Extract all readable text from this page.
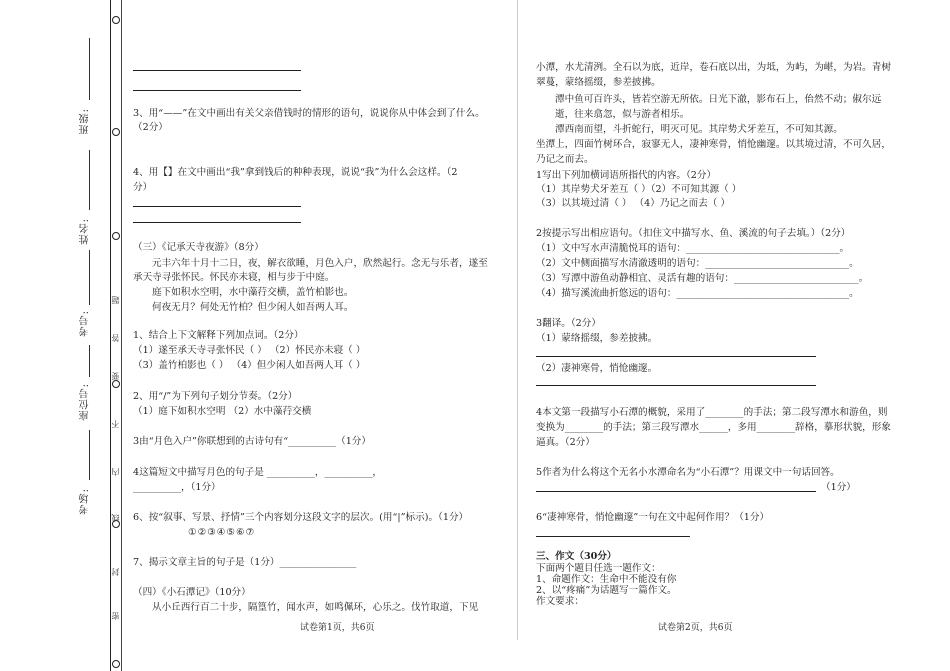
班级:
姓名:
考号:
座位号:
考场:
题
答
要
不
内
线
封
密
3、用“——”在文中画出有关父亲借钱时的情形的语句，说说你从中体会到了什么。
（2分）
4、用【】在文中画出“我”拿到钱后的种种表现，说说“我”为什么会这样。（2
分）
（三）《记承天寺夜游》（8分）
元丰六年十月十二日，夜，解衣欲睡，月色入户，欣然起行。念无与乐者，遂至
承天寺寻张怀民。怀民亦未寝，相与步于中庭。
庭下如积水空明，水中藻荇交横，盖竹柏影也。
何夜无月？何处无竹柏？但少闲人如吾两人耳。
1、结合上下文解释下列加点词。（2分）
（1）遂至承天寺寻张怀民（ ） （2）怀民亦未寝（ ）
（3）盖竹柏影也（ ） （4）但少闲人如吾两人耳（ ）
2、用“/”为下列句子划分节奏。（2分）
（1）庭下如积水空明 （2）水中藻荇交横
3由“月色入户”你联想到的古诗句有“__________（1分）
4这篇短文中描写月色的句子是 __________，__________，
__________，（1分）
6、按“叙事、写景、抒情”三个内容划分这段文字的层次。(用“|”标示)。（1分）
①②③④⑤⑥⑦
7、揭示文章主旨的句子是（1分）________________
（四）《小石潭记》（10分）
从小丘西行百二十步，隔篁竹，闻水声，如鸣佩环，心乐之。伐竹取道，下见
试卷第1页，共6页
小潭，水尤清洌。全石以为底，近岸，卷石底以出，为坻，为屿，为嵁，为岩。青树
翠蔓，蒙络摇缀，参差披拂。
潭中鱼可百许头，皆若空游无所依。日光下澈，影布石上，佁然不动；俶尔远
逝，往来翕忽，似与游者相乐。
潭西南而望，斗折蛇行，明灭可见。其岸势犬牙差互，不可知其源。
坐潭上，四面竹树环合，寂寥无人，凄神寒骨，悄怆幽邃。以其境过清，不可久居，
乃记之而去。
1写出下列加横词语所指代的内容。（2分）
（1）其岸势犬牙差互（ ）（2）不可知其源（ ）
（3）以其境过清（ ） （4）乃记之而去（ ）
2按提示写出相应语句。（扣住文中描写水、鱼、溪流的句子去填。）（2分）
（1）文中写水声清脆悦耳的语句：________________________________。
（2）文中侧面描写水清澈透明的语句：______________________________。
（3）写潭中游鱼动静相宜、灵活有趣的语句：__________________________。
（4）描写溪流曲折悠远的语句：____________________________________。
3翻译。（2分）
（1）蒙络摇缀，参差披拂。
（2）凄神寒骨，悄怆幽邃。
4本文第一段描写小石潭的概貌，采用了________的手法；第二段写潭水和游鱼，则
变换为________的手法；第三段写潭水______，多用________辞格，摹形状貌，形象
逼真。（2分）
5作者为什么将这个无名小水潭命名为“小石潭”？用课文中一句话回答。
（1分）
6“凄神寒骨，悄怆幽邃”一句在文中起何作用？（1分）
三、作文（30分）
下面两个题目任选一题作文：
1、命题作文：生命中不能没有你
2、以“疼痛”为话题写一篇作文。
作文要求：
试卷第2页，共6页
